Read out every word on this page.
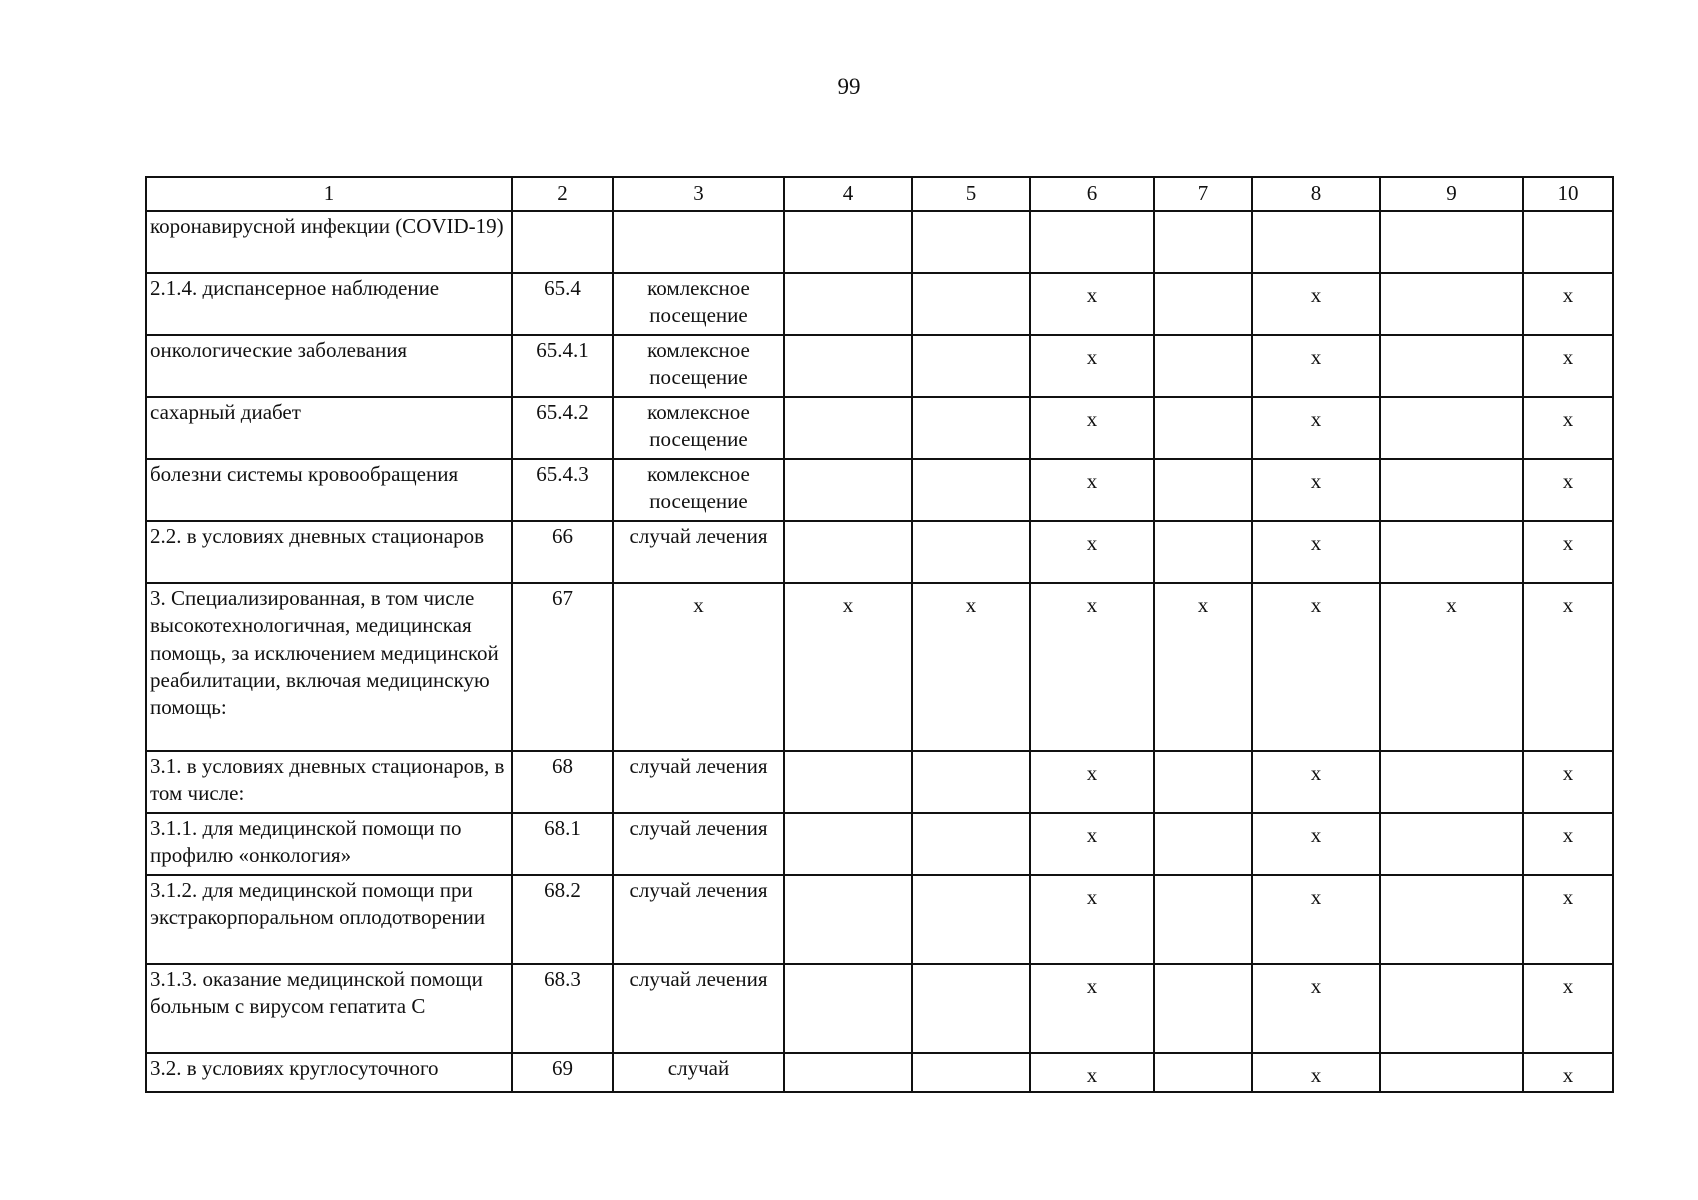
99
1	2	3	4	5	6	7	8	9	10
коронавирусной инфекции (COVID-19)									
2.1.4. диспансерное наблюдение	65.4	комлексное посещение			x		x		x
онкологические заболевания	65.4.1	комлексное посещение			x		x		x
сахарный диабет	65.4.2	комлексное посещение			x		x		x
болезни системы кровообращения	65.4.3	комлексное посещение			x		x		x
2.2. в условиях дневных стационаров	66	случай лечения			x		x		x
3. Специализированная, в том числе высокотехнологичная, медицинская помощь, за исключением медицинской реабилитации, включая медицинскую помощь:	67	x	x	x	x	x	x	x	x
3.1. в условиях дневных стационаров, в том числе:	68	случай лечения			x		x		x
3.1.1. для медицинской помощи по профилю «онкология»	68.1	случай лечения			x		x		x
3.1.2. для медицинской помощи при экстракорпоральном оплодотворении	68.2	случай лечения			x		x		x
3.1.3. оказание медицинской помощи больным с вирусом гепатита С	68.3	случай лечения			x		x		x
3.2. в условиях круглосуточного	69	случай			x		x		x
